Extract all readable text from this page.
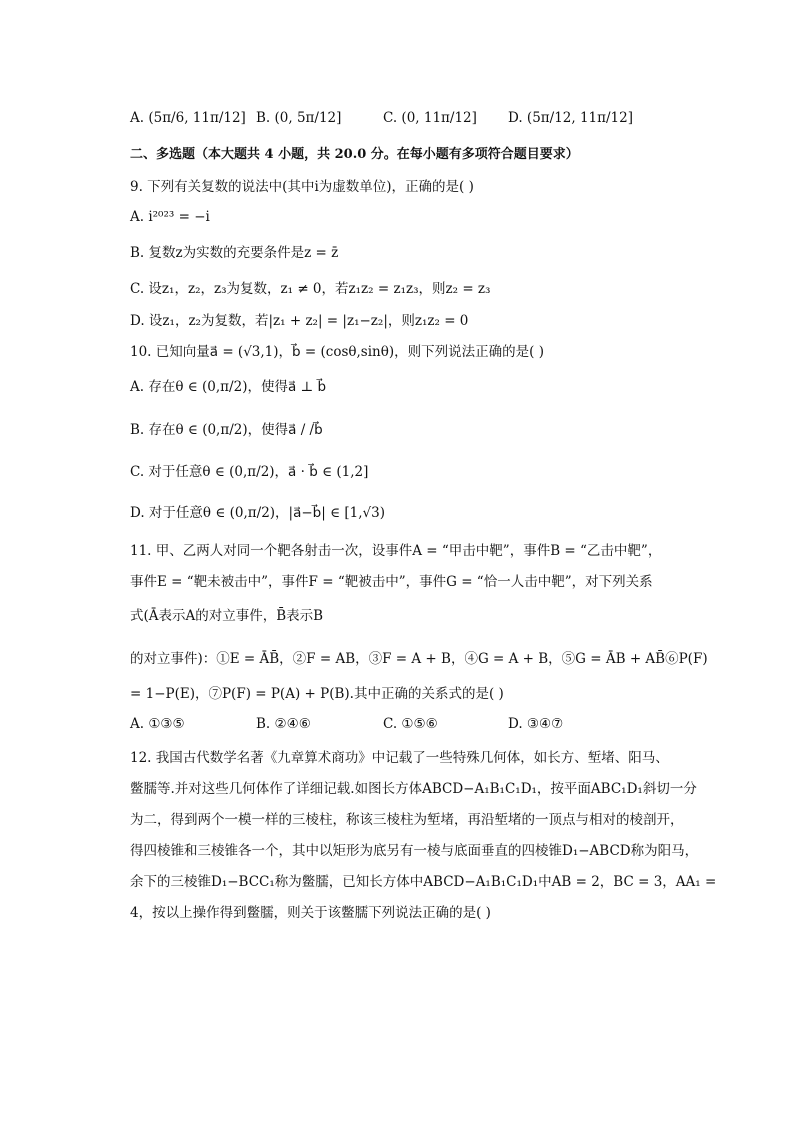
A. (5π/6, 11π/12] B. (0, 5π/12]	C. (0, 11π/12] D. (5π/12, 11π/12]
二、多选题（本大题共 4 小题，共 20.0 分。在每小题有多项符合题目要求）
9. 下列有关复数的说法中(其中i为虚数单位)，正确的是( )
A. i²⁰²³ = −i
B. 复数z为实数的充要条件是z = z̄
C. 设z₁，z₂，z₃为复数，z₁ ≠ 0，若z₁z₂ = z₁z₃，则z₂ = z₃
D. 设z₁，z₂为复数，若|z₁ + z₂| = |z₁−z₂|，则z₁z₂ = 0
10. 已知向量a⃗ = (√3,1)，b⃗ = (cosθ,sinθ)，则下列说法正确的是( )
A. 存在θ ∈ (0,π/2)，使得a⃗ ⊥ b⃗
B. 存在θ ∈ (0,π/2)，使得a⃗ / /b⃗
C. 对于任意θ ∈ (0,π/2)，a⃗ · b⃗ ∈ (1,2]
D. 对于任意θ ∈ (0,π/2)，|a⃗−b⃗| ∈ [1,√3)
11. 甲、乙两人对同一个靶各射击一次，设事件A = “甲击中靶”，事件B = “乙击中靶”，
事件E = “靶未被击中”，事件F = “靶被击中”，事件G = “恰一人击中靶”，对下列关系
式(Ā表示A的对立事件，B̄表示B
的对立事件)：①E = ĀB̄，②F = AB，③F = A + B，④G = A + B，⑤G = ĀB + AB̄⑥P(F)
= 1−P(E)，⑦P(F) = P(A) + P(B).其中正确的关系式的是( )
A. ①③⑤	B. ②④⑥	C. ①⑤⑥	D. ③④⑦
12. 我国古代数学名著《九章算术商功》中记载了一些特殊几何体，如长方、堑堵、阳马、
鳖臑等.并对这些几何体作了详细记载.如图长方体ABCD−A₁B₁C₁D₁，按平面ABC₁D₁斜切一分
为二，得到两个一模一样的三棱柱，称该三棱柱为堑堵，再沿堑堵的一顶点与相对的棱剖开，
得四棱锥和三棱锥各一个，其中以矩形为底另有一棱与底面垂直的四棱锥D₁−ABCD称为阳马，
余下的三棱锥D₁−BCC₁称为鳖臑，已知长方体中ABCD−A₁B₁C₁D₁中AB = 2，BC = 3，AA₁ =
4，按以上操作得到鳖臑，则关于该鳖臑下列说法正确的是( )
